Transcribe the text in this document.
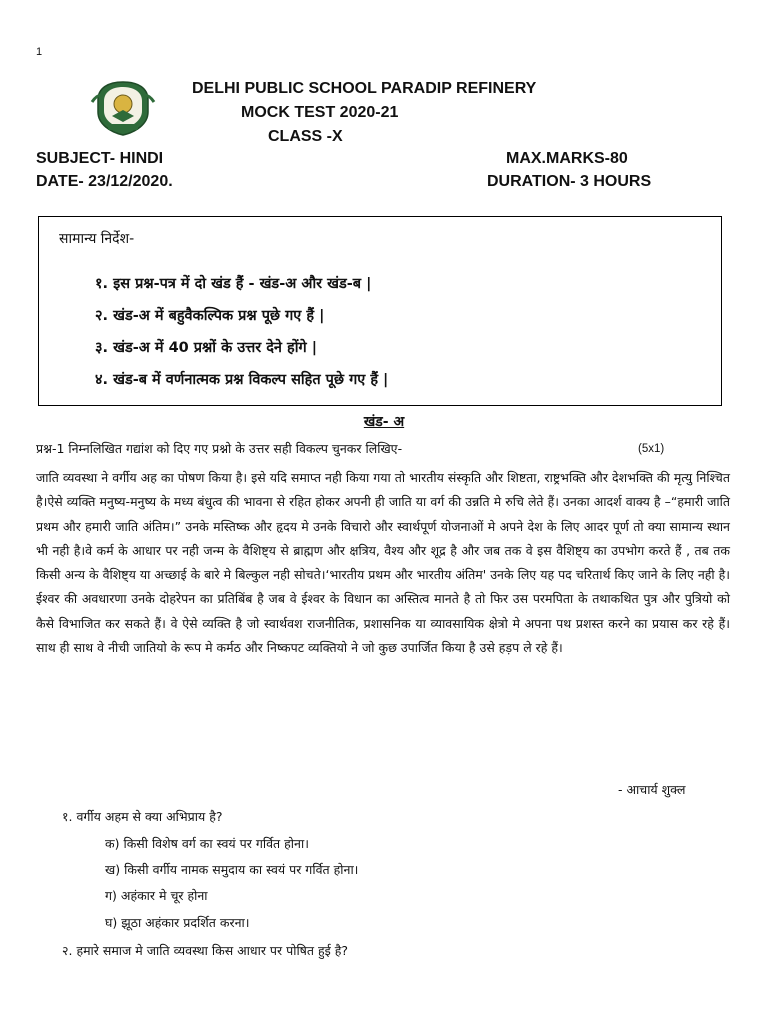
1
DELHI PUBLIC SCHOOL PARADIP REFINERY
MOCK TEST 2020-21
CLASS -X
SUBJECT- HINDI	MAX.MARKS-80
DATE- 23/12/2020.	DURATION- 3 HOURS
सामान्य निर्देश-
१. इस प्रश्न-पत्र में दो खंड हैं - खंड-अ और खंड-ब |
२. खंड-अ में बहुवैकल्पिक प्रश्न पूछे गए हैं |
३. खंड-अ में 40 प्रश्नों के उत्तर देने होंगे |
४. खंड-ब में वर्णनात्मक प्रश्न विकल्प सहित पूछे गए हैं |
खंड- अ
प्रश्न-1 निम्नलिखित गद्यांश को दिए गए प्रश्नो के उत्तर सही विकल्प चुनकर लिखिए-	(5x1)
जाति व्यवस्था ने वर्गीय अह का पोषण किया है। इसे यदि समाप्त नही किया गया तो भारतीय संस्कृति और शिष्टता, राष्ट्रभक्ति और देशभक्ति की मृत्यु निश्चित है।ऐसे व्यक्ति मनुष्य-मनुष्य के मध्य बंधुत्व की भावना से रहित होकर अपनी ही जाति या वर्ग की उन्नति मे रुचि लेते हैं। उनका आदर्श वाक्य है –“हमारी जाति प्रथम और हमारी जाति अंतिम।” उनके मस्तिष्क और हृदय मे उनके विचारो और स्वार्थपूर्ण योजनाओं मे अपने देश के लिए आदर पूर्ण तो क्या सामान्य स्थान भी नही है।वे कर्म के आधार पर नही जन्म के वैशिष्ट्य से ब्राह्मण और क्षत्रिय, वैश्य और शूद्र है और जब तक वे इस वैशिष्ट्य का उपभोग करते हैं , तब तक किसी अन्य के वैशिष्ट्य या अच्छाई के बारे मे बिल्कुल नही सोचते।‘भारतीय प्रथम और भारतीय अंतिम' उनके लिए यह पद चरितार्थ किए जाने के लिए नही है।ईश्वर की अवधारणा उनके दोहरेपन का प्रतिबिंब है जब वे ईश्वर के विधान का अस्तित्व मानते है तो फिर उस परमपिता के तथाकथित पुत्र और पुत्रियो को कैसे विभाजित कर सकते हैं। वे ऐसे व्यक्ति है जो स्वार्थवश राजनीतिक, प्रशासनिक या व्यावसायिक क्षेत्रो मे अपना पथ प्रशस्त करने का प्रयास कर रहे हैं।साथ ही साथ वे नीची जातियो के रूप मे कर्मठ और निष्कपट व्यक्तियो ने जो कुछ उपार्जित किया है उसे हड़प ले रहे हैं।
- आचार्य शुक्ल
१. वर्गीय अहम से क्या अभिप्राय है?
क) किसी विशेष वर्ग का स्वयं पर गर्वित होना।
ख) किसी वर्गीय नामक समुदाय का स्वयं पर गर्वित होना।
ग) अहंकार मे चूर होना
घ) झूठा अहंकार प्रदर्शित करना।
२. हमारे समाज मे जाति व्यवस्था किस आधार पर पोषित हुई है?
